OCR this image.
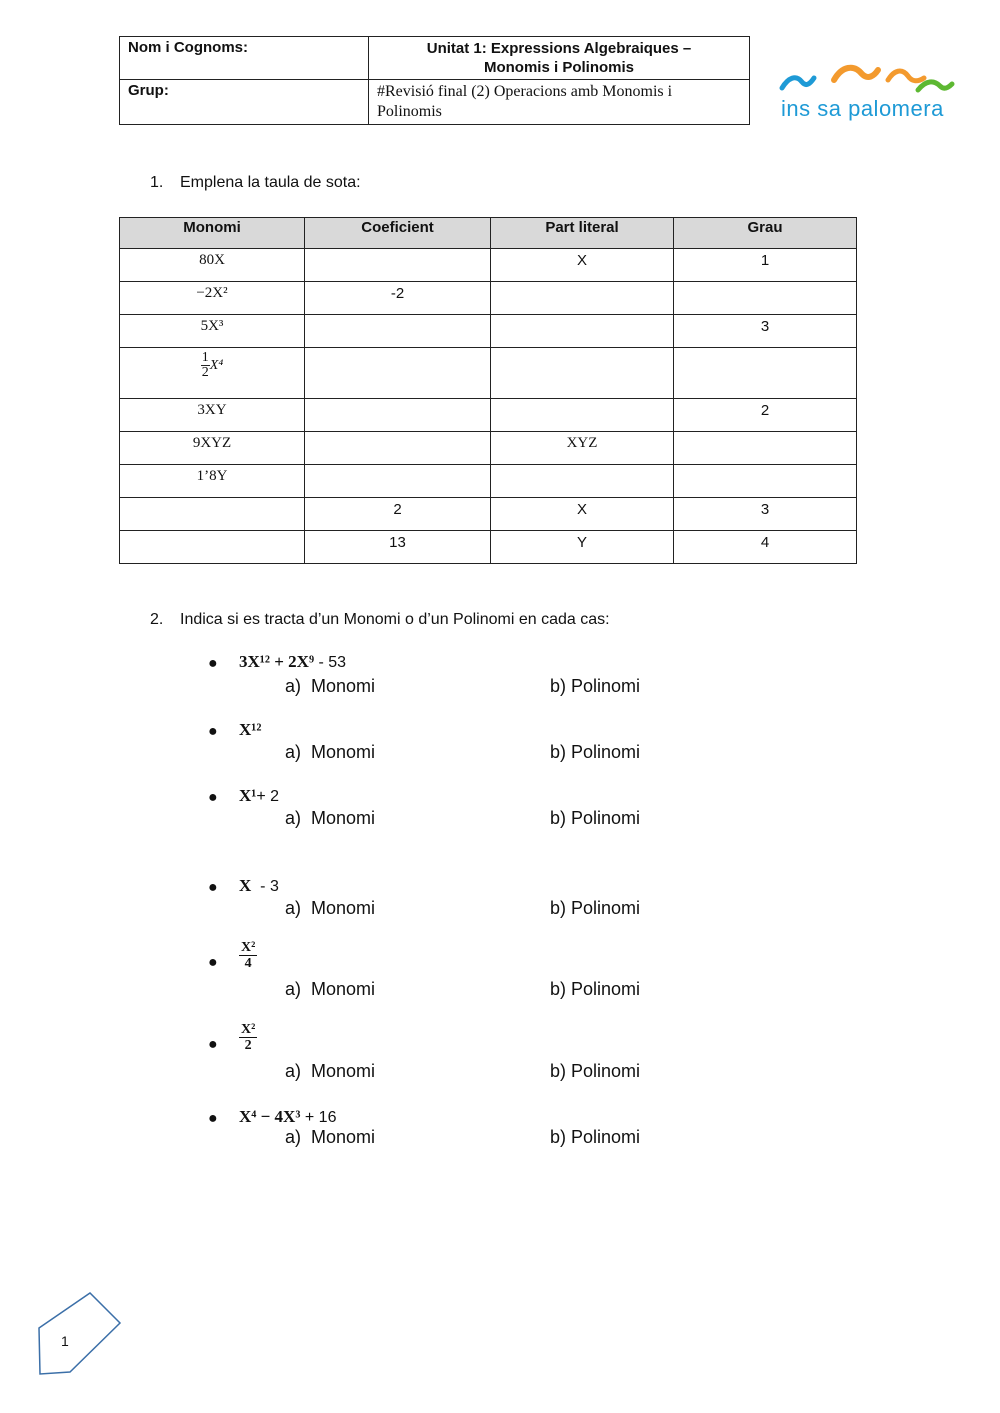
Nom i Cognoms:	Unitat 1: Expressions Algebraiques –
Monomis i Polinomis
Grup:	#Revisió final (2) Operacions amb Monomis i
Polinomis	ins sa palomera
1. Emplena la taula de sota:
Monomi	Coeficient	Part literal	Grau
80X		X	1
−2X²	-2		
5X³			3

$\frac{1}{2} X^4$			
3XY			2
9XYZ		XYZ	
1’8Y			
	2	X	3
	13	Y	4
2. Indica si es tracta d’un Monomi o d’un Polinomi en cada cas:
● 3X¹² + 2X⁹ - 53
a) Monomi	b) Polinomi
● X¹²
a) Monomi	b) Polinomi
● X¹+ 2
a) Monomi	b) Polinomi
● X  - 3
a) Monomi	b) Polinomi
● $\frac{\text{X²}}{4}$
a) Monomi	b) Polinomi
● $\frac{\text{X²}}{2}$
a) Monomi	b) Polinomi
● X⁴ − 4X³ + 16
a) Monomi	b) Polinomi
1
